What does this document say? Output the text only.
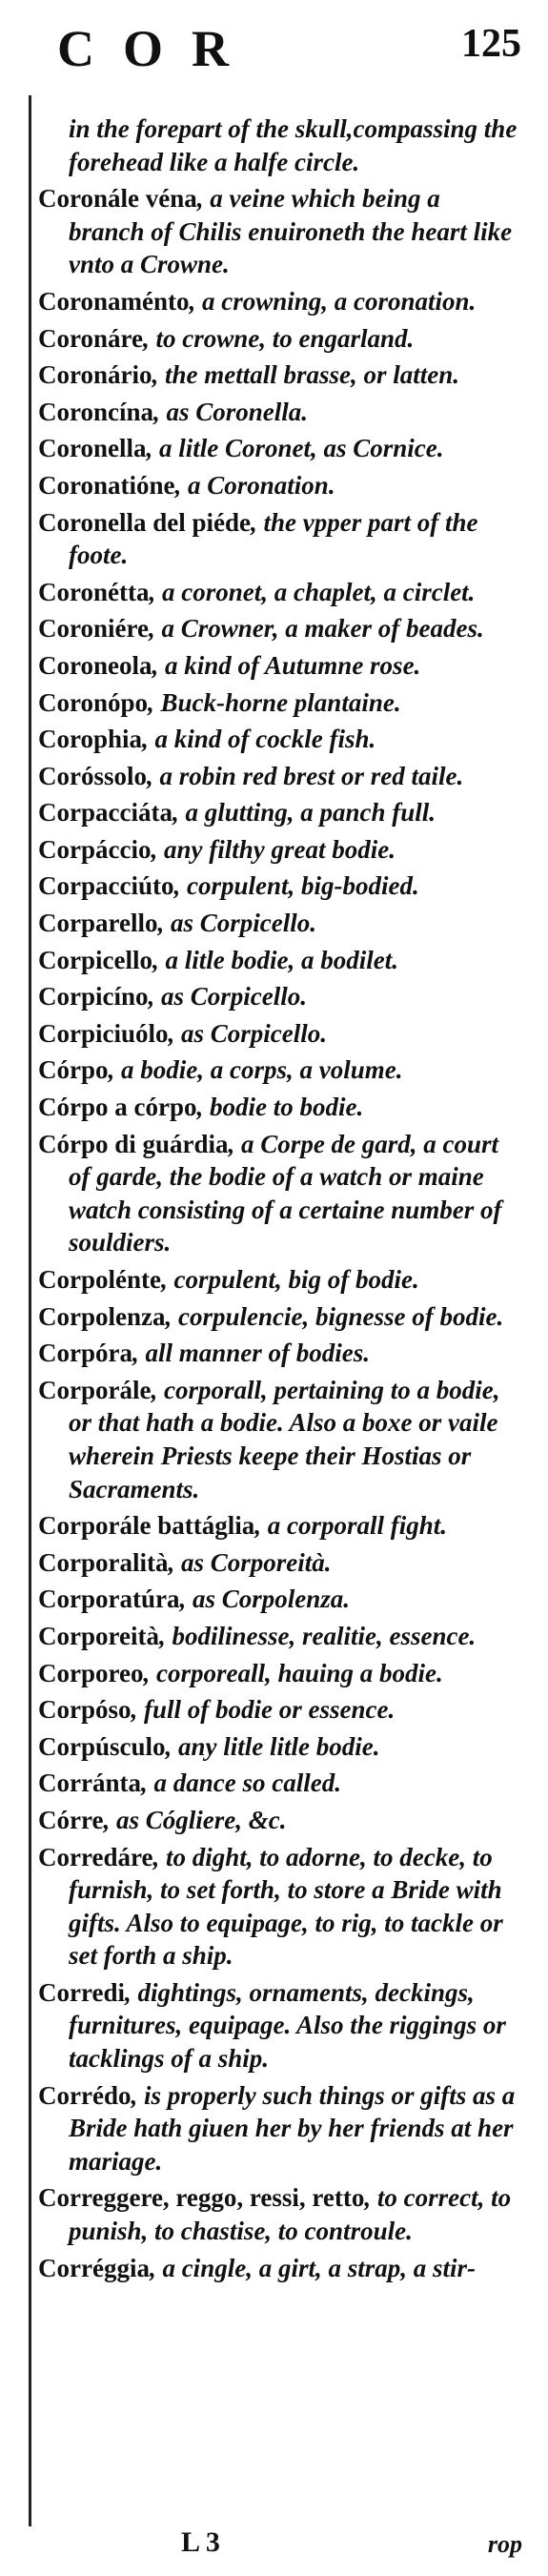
COR	125
in the forepart of the skull,compassing the forehead like a halfe circle.
Coronále véna, a veine which being a branch of Chilis enuironeth the heart like vnto a Crowne.
Coronaménto, a crowning, a coronation.
Coronáre, to crowne, to engarland.
Coronário, the mettall brasse, or latten.
Coroncína, as Coronella.
Coronella, a litle Coronet, as Cornice.
Coronatióne, a Coronation.
Coronella del piéde, the vpper part of the foote.
Coronétta, a coronet, a chaplet, a circlet.
Coroniére, a Crowner, a maker of beades.
Coroneola, a kind of Autumne rose.
Coronópo, Buck-horne plantaine.
Corophia, a kind of cockle fish.
Coróssolo, a robin red brest or red taile.
Corpacciáta, a glutting, a panch full.
Corpáccio, any filthy great bodie.
Corpacciúto, corpulent, big-bodied.
Corparello, as Corpicello.
Corpicello, a litle bodie, a bodilet.
Corpicíno, as Corpicello.
Corpiciuólo, as Corpicello.
Córpo, a bodie, a corps, a volume.
Córpo a córpo, bodie to bodie.
Córpo di guárdia, a Corpe de gard, a court of garde, the bodie of a watch or maine watch consisting of a certaine number of souldiers.
Corpolénte, corpulent, big of bodie.
Corpolenza, corpulencie, bignesse of bodie.
Corpóra, all manner of bodies.
Corporále, corporall, pertaining to a bodie, or that hath a bodie. Also a boxe or vaile wherein Priests keepe their Hostias or Sacraments.
Corporále battáglia, a corporall fight.
Corporalità, as Corporeità.
Corporatúra, as Corpolenza.
Corporeità, bodilinesse, realitie, essence.
Corporeo, corporeall, hauing a bodie.
Corpóso, full of bodie or essence.
Corpúsculo, any litle litle bodie.
Corránta, a dance so called.
Córre, as Cógliere, &c.
Corredáre, to dight, to adorne, to decke, to furnish, to set forth, to store a Bride with gifts. Also to equipage, to rig, to tackle or set forth a ship.
Corredi, dightings, ornaments, deckings, furnitures, equipage. Also the riggings or tacklings of a ship.
Corrédo, is properly such things or gifts as a Bride hath giuen her by her friends at her mariage.
Correggere, reggo, ressi, retto, to correct, to punish, to chastise, to controule.
Corréggia, a cingle, a girt, a strap, a stir-
L 3	rop
